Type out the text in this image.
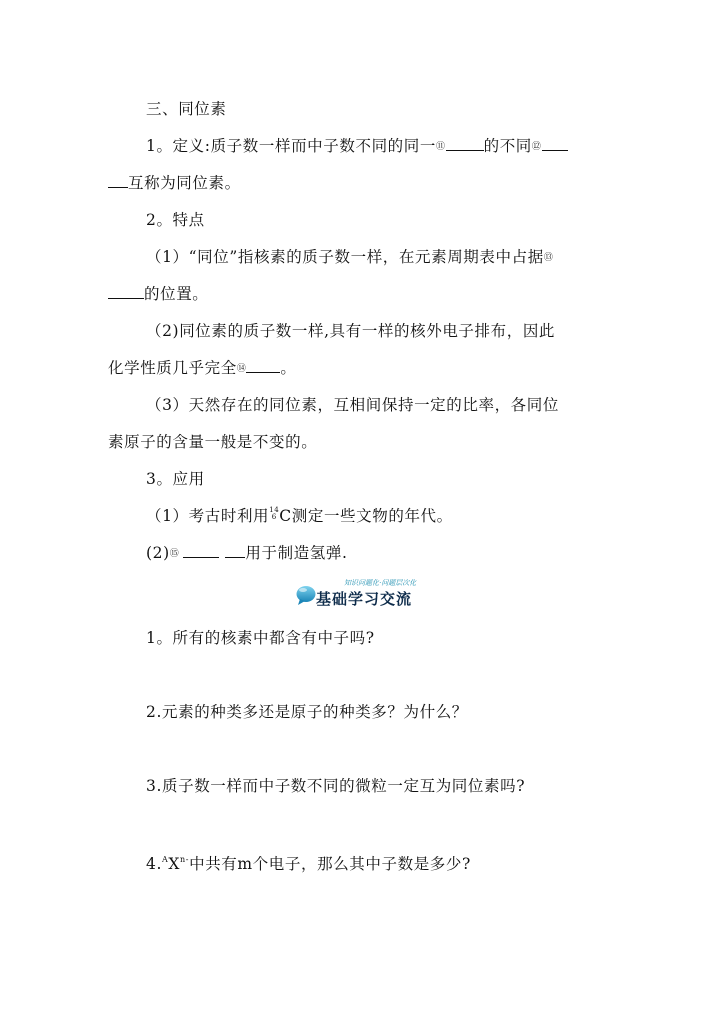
三、同位素
1。定义:质子数一样而中子数不同的同一⑪ 的不同⑫
互称为同位素。
2。特点
（1）“同位”指核素的质子数一样，在元素周期表中占据⑬
的位置。
（2)同位素的质子数一样,具有一样的核外电子排布，因此
化学性质几乎完全⑭ 。
（3）天然存在的同位素，互相间保持一定的比率，各同位
素原子的含量一般是不变的。
3。应用
（1）考古时利用14
6 C测定一些文物的年代。
(2)⑮	用于制造氢弹.
知识问题化·问题层次化
基础学习交流
1。所有的核素中都含有中子吗?
2.元素的种类多还是原子的种类多？为什么？
3.质子数一样而中子数不同的微粒一定互为同位素吗?
$4.^AX^{n-}$中共有m个电子，那么其中子数是多少?
